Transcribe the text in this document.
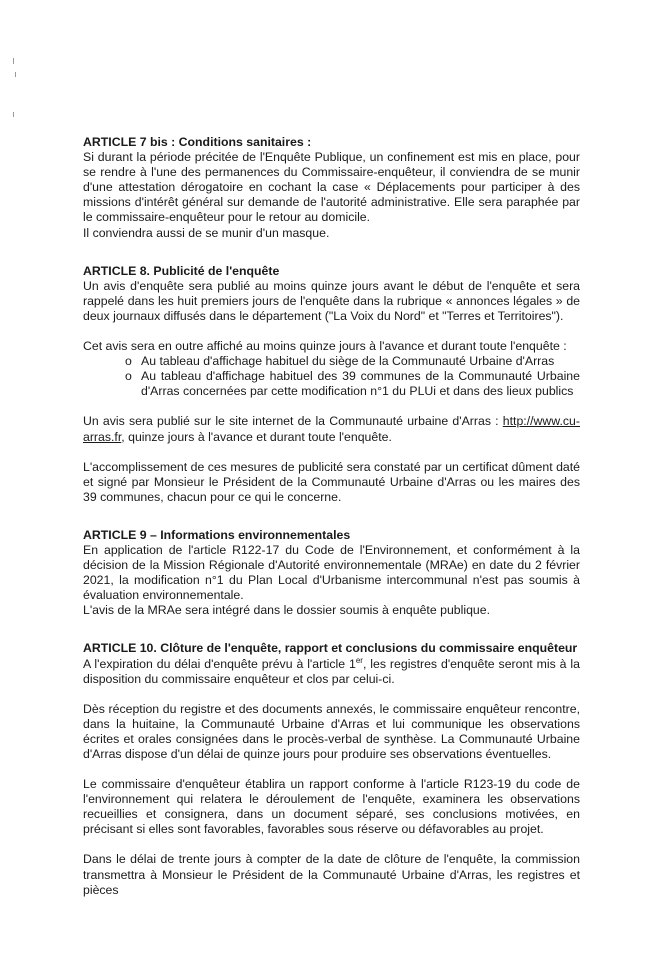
ARTICLE 7 bis : Conditions sanitaires :

Si durant la période précitée de l'Enquête Publique, un confinement est mis en place, pour se rendre à l'une des permanences du Commissaire-enquêteur, il conviendra de se munir d'une attestation dérogatoire en cochant la case « Déplacements pour participer à des missions d'intérêt général sur demande de l'autorité administrative. Elle sera paraphée par le commissaire-enquêteur pour le retour au domicile.

Il conviendra aussi de se munir d'un masque.

ARTICLE 8. Publicité de l'enquête

Un avis d'enquête sera publié au moins quinze jours avant le début de l'enquête et sera rappelé dans les huit premiers jours de l'enquête dans la rubrique « annonces légales » de deux journaux diffusés dans le département ("La Voix du Nord" et "Terres et Territoires").

Cet avis sera en outre affiché au moins quinze jours à l'avance et durant toute l'enquête :

o Au tableau d'affichage habituel du siège de la Communauté Urbaine d'Arras
o Au tableau d'affichage habituel des 39 communes de la Communauté Urbaine d'Arras concernées par cette modification n°1 du PLUi et dans des lieux publics

Un avis sera publié sur le site internet de la Communauté urbaine d'Arras : http://www.cu-arras.fr, quinze jours à l'avance et durant toute l'enquête.

L'accomplissement de ces mesures de publicité sera constaté par un certificat dûment daté et signé par Monsieur le Président de la Communauté Urbaine d'Arras ou les maires des 39 communes, chacun pour ce qui le concerne.

ARTICLE 9 – Informations environnementales

En application de l'article R122-17 du Code de l'Environnement, et conformément à la décision de la Mission Régionale d'Autorité environnementale (MRAe) en date du 2 février 2021, la modification n°1 du Plan Local d'Urbanisme intercommunal n'est pas soumis à évaluation environnementale.

L'avis de la MRAe sera intégré dans le dossier soumis à enquête publique.

ARTICLE 10. Clôture de l'enquête, rapport et conclusions du commissaire enquêteur

A l'expiration du délai d'enquête prévu à l'article 1er, les registres d'enquête seront mis à la disposition du commissaire enquêteur et clos par celui-ci.

Dès réception du registre et des documents annexés, le commissaire enquêteur rencontre, dans la huitaine, la Communauté Urbaine d'Arras et lui communique les observations écrites et orales consignées dans le procès-verbal de synthèse. La Communauté Urbaine d'Arras dispose d'un délai de quinze jours pour produire ses observations éventuelles.

Le commissaire d'enquêteur établira un rapport conforme à l'article R123-19 du code de l'environnement qui relatera le déroulement de l'enquête, examinera les observations recueillies et consignera, dans un document séparé, ses conclusions motivées, en précisant si elles sont favorables, favorables sous réserve ou défavorables au projet.

Dans le délai de trente jours à compter de la date de clôture de l'enquête, la commission transmettra à Monsieur le Président de la Communauté Urbaine d'Arras, les registres et pièces
